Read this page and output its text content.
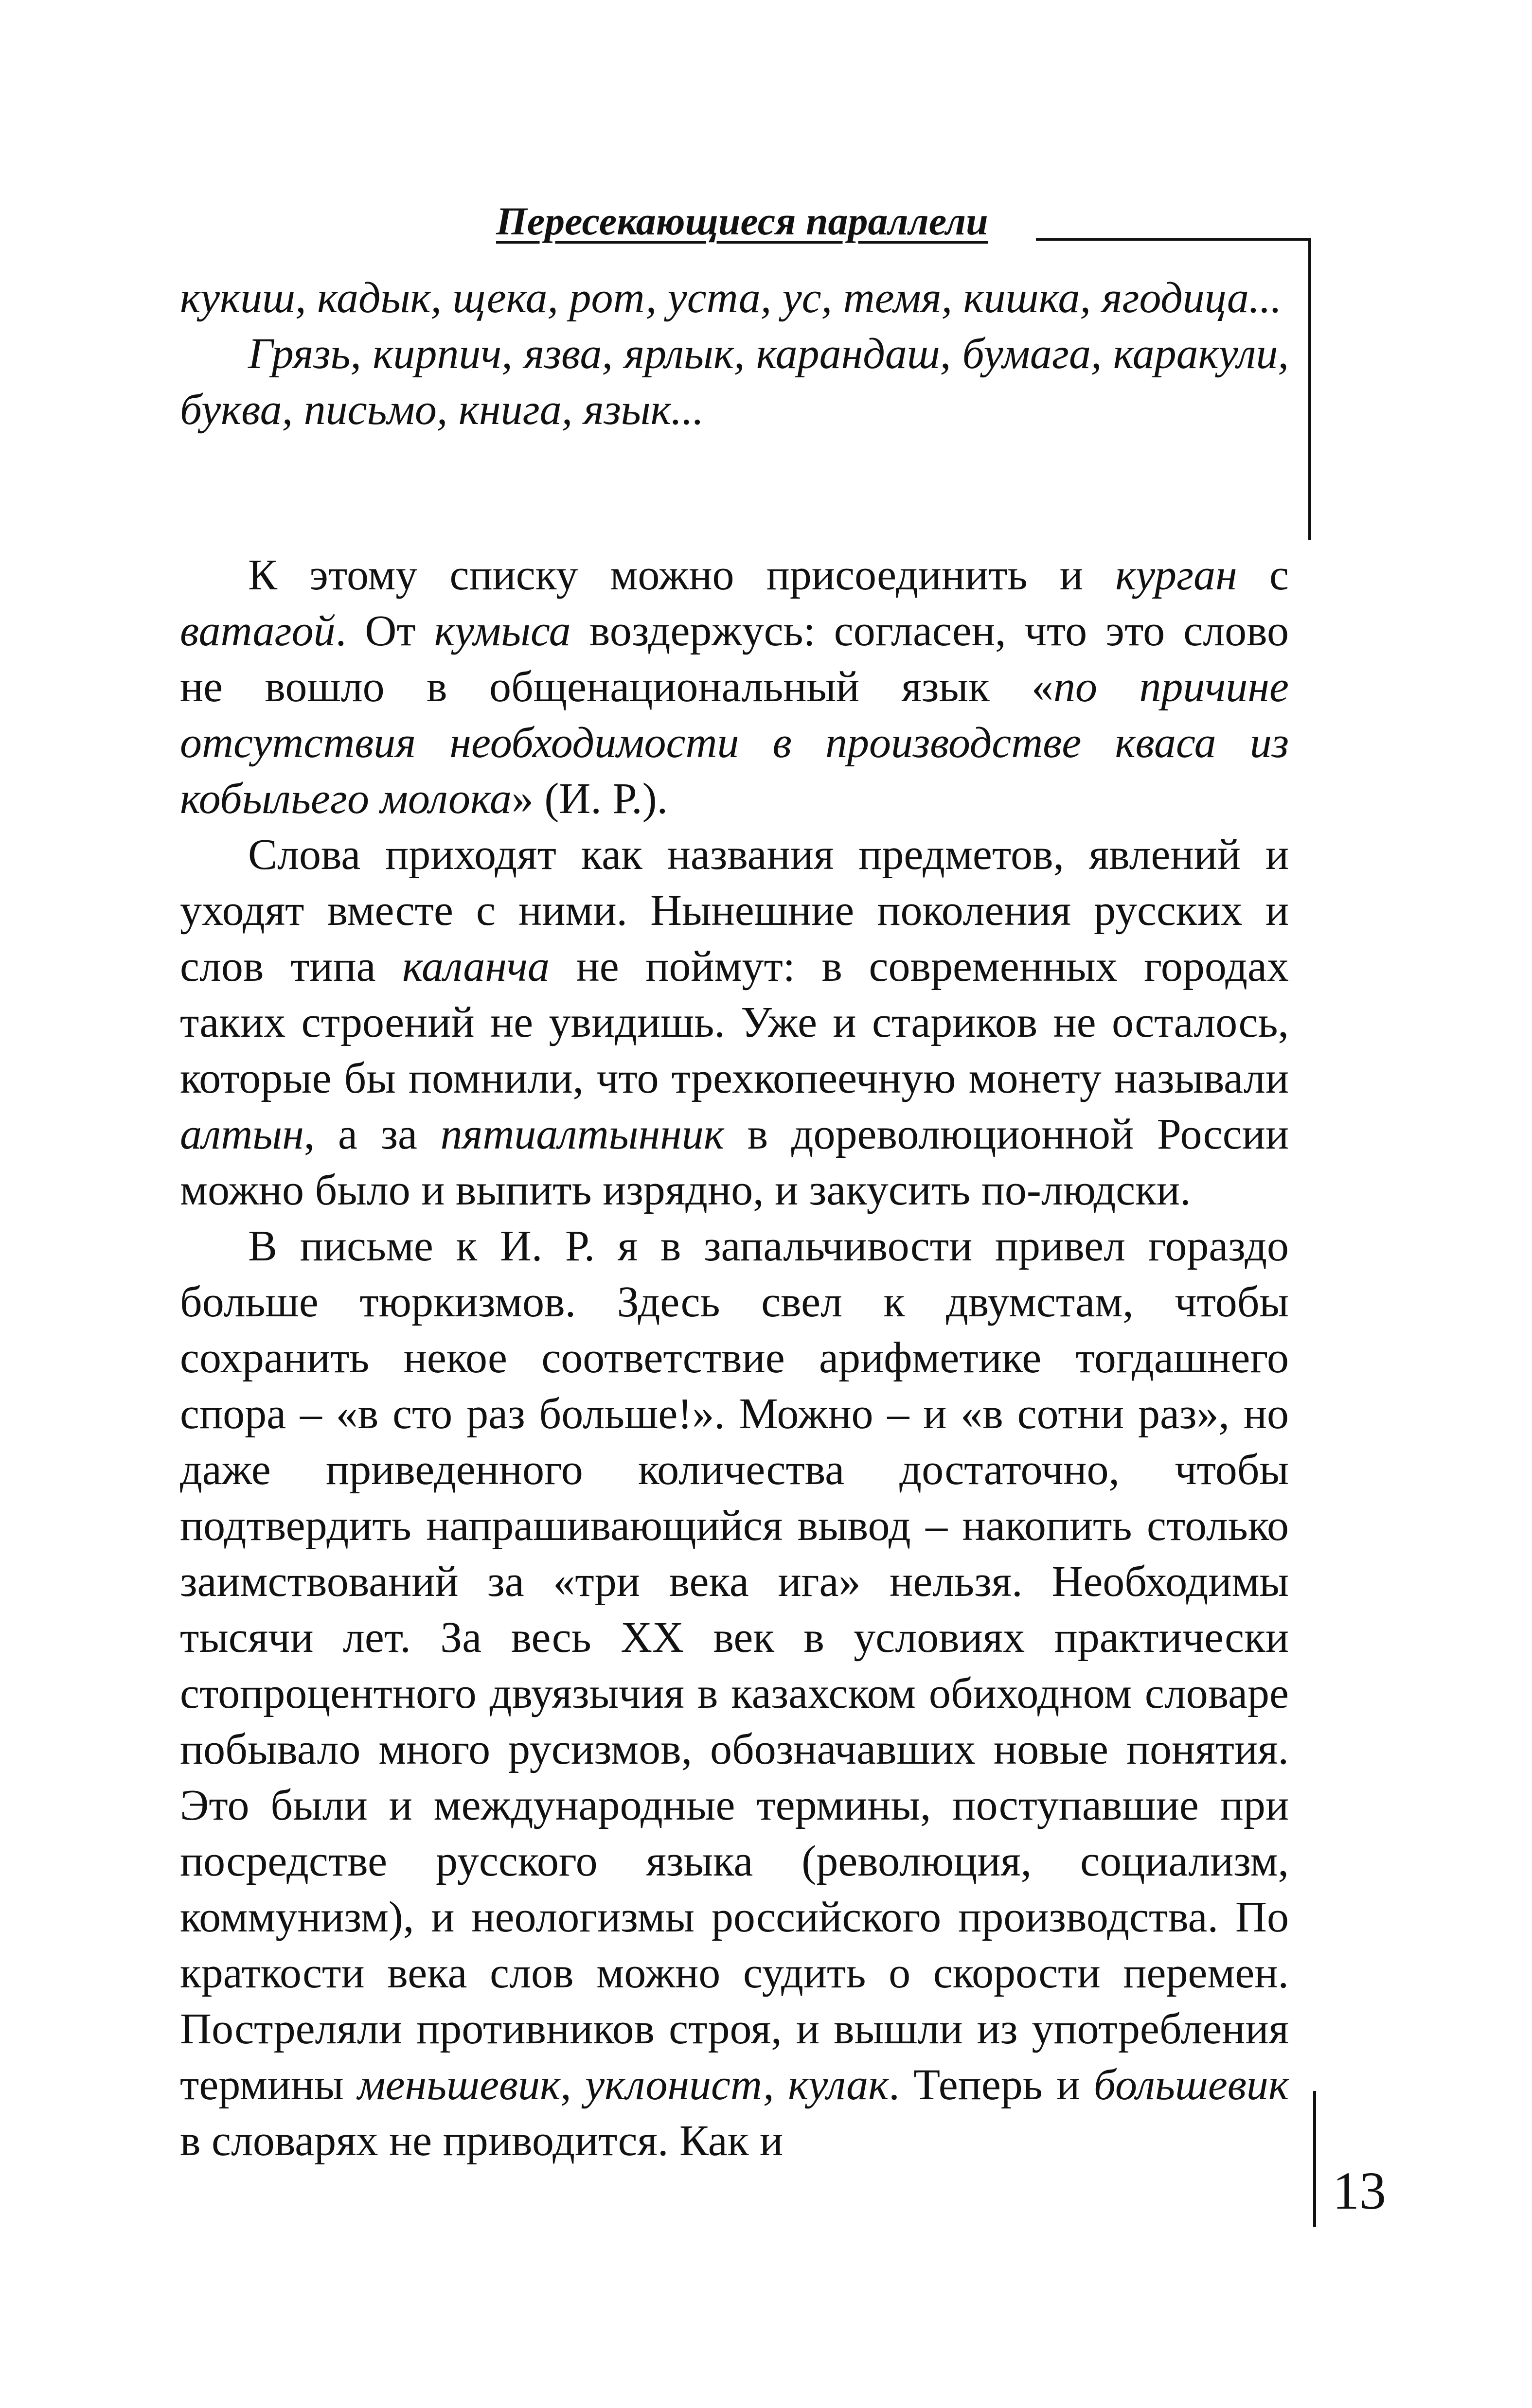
Пересекающиеся параллели

кукиш, кадык, щека, рот, уста, ус, темя, кишка, ягодица...

Грязь, кирпич, язва, ярлык, карандаш, бумага, каракули, буква, письмо, книга, язык...

К этому списку можно присоединить и курган с ватагой. От кумыса воздержусь: согласен, что это слово не вошло в общенациональный язык «по причине отсутствия необходимости в производстве кваса из кобыльего молока» (И. Р.).

Слова приходят как названия предметов, явлений и уходят вместе с ними. Нынешние поколения русских и слов типа каланча не поймут: в современных городах таких строений не увидишь. Уже и стариков не осталось, которые бы помнили, что трехкопеечную монету называли алтын, а за пятиалтынник в дореволюционной России можно было и выпить изрядно, и закусить по-людски.

В письме к И. Р. я в запальчивости привел гораздо больше тюркизмов. Здесь свел к двумстам, чтобы сохранить некое соответствие арифметике тогдашнего спора – «в сто раз больше!». Можно – и «в сотни раз», но даже приведенного количества достаточно, чтобы подтвердить напрашивающийся вывод – накопить столько заимствований за «три века ига» нельзя. Необходимы тысячи лет. За весь XX век в условиях практически стопроцентного двуязычия в казахском обиходном словаре побывало много русизмов, обозначавших новые понятия. Это были и международные термины, поступавшие при посредстве русского языка (революция, социализм, коммунизм), и неологизмы российского производства. По краткости века слов можно судить о скорости перемен. Постреляли противников строя, и вышли из употребления термины меньшевик, уклонист, кулак. Теперь и большевик в словарях не приводится. Как и

13
